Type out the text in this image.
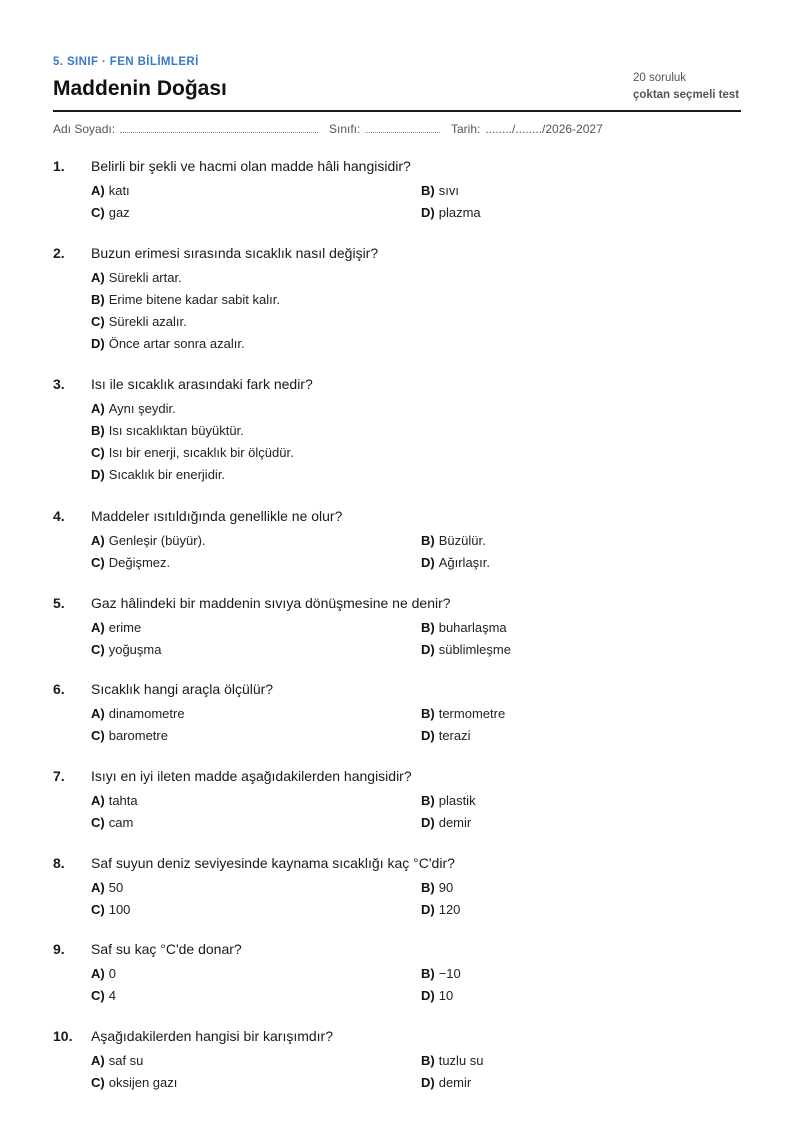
5. SINIF · FEN BİLİMLERİ
Maddenin Doğası	20 soruluk
çoktan seçmeli test
Adı Soyadı:	Sınıfı:	Tarih: ......../......../2026-2027
1. Belirli bir şekli ve hacmi olan madde hâli hangisidir?
A) katı	B) sıvı
C) gaz	D) plazma
2. Buzun erimesi sırasında sıcaklık nasıl değişir?
A) Sürekli artar.
B) Erime bitene kadar sabit kalır.
C) Sürekli azalır.
D) Önce artar sonra azalır.
3. Isı ile sıcaklık arasındaki fark nedir?
A) Aynı şeydir.
B) Isı sıcaklıktan büyüktür.
C) Isı bir enerji, sıcaklık bir ölçüdür.
D) Sıcaklık bir enerjidir.
4. Maddeler ısıtıldığında genellikle ne olur?
A) Genleşir (büyür).	B) Büzülür.
C) Değişmez.	D) Ağırlaşır.
5. Gaz hâlindeki bir maddenin sıvıya dönüşmesine ne denir?
A) erime	B) buharlaşma
C) yoğuşma	D) süblimleşme
6. Sıcaklık hangi araçla ölçülür?
A) dinamometre	B) termometre
C) barometre	D) terazi
7. Isıyı en iyi ileten madde aşağıdakilerden hangisidir?
A) tahta	B) plastik
C) cam	D) demir
8. Saf suyun deniz seviyesinde kaynama sıcaklığı kaç °C'dir?
A) 50	B) 90
C) 100	D) 120
9. Saf su kaç °C'de donar?
A) 0	B) −10
C) 4	D) 10
10. Aşağıdakilerden hangisi bir karışımdır?
A) saf su	B) tuzlu su
C) oksijen gazı	D) demir
